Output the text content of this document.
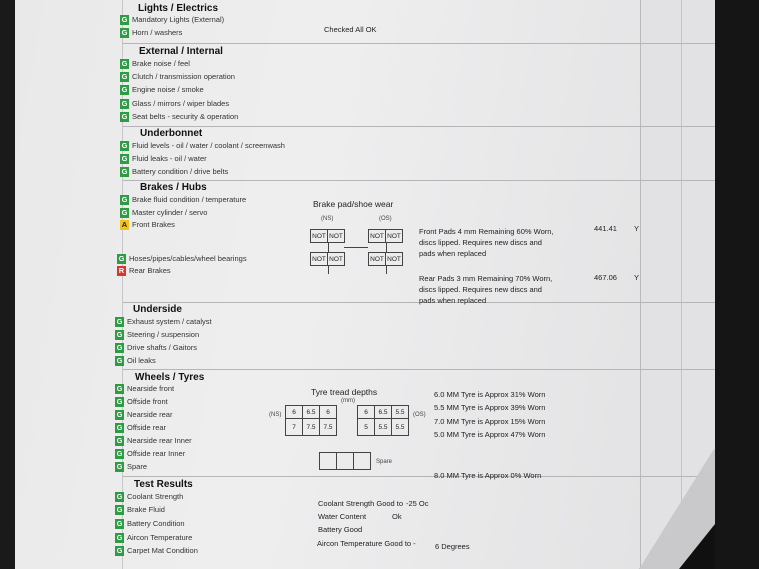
Lights / Electrics
G Mandatory Lights (External)
G Horn / washers	Checked All OK
External / Internal
G Brake noise / feel
G Clutch / transmission operation
G Engine noise / smoke
G Glass / mirrors / wiper blades
G Seat belts - security & operation
Underbonnet
G Fluid levels - oil / water / coolant / screenwash
G Fluid leaks - oil / water
G Battery condition / drive belts
Brakes / Hubs
G Brake fluid condition / temperature
G Master cylinder / servo
A Front Brakes
G Hoses/pipes/cables/wheel bearings
R Rear Brakes
Brake pad/shoe wear
(NS)	(OS)
NOT	NOT	NOT	NOT
NOT	NOT	NOT	NOT
Front Pads 4 mm Remaining 60% Worn, discs lipped. Requires new discs and pads when replaced
441.41 Y
Rear Pads 3 mm Remaining 70% Worn, discs lipped. Requires new discs and pads when replaced
467.06 Y
Underside
G Exhaust system / catalyst
G Steering / suspension
G Drive shafts / Gaitors
G Oil leaks
Wheels / Tyres
G Nearside front
G Offside front
G Nearside rear
G Offside rear
G Nearside rear Inner
G Offside rear Inner
G Spare
Tyre tread depths
(mm)
(NS)	(OS)
6	6.5	6
7	7.5	7.5
6	6.5	5.5
5	5.5	5.5

Spare
6.0 MM Tyre is Approx 31% Worn
5.5 MM Tyre is Approx 39% Worn
7.0 MM Tyre is Approx 15% Worn
5.0 MM Tyre is Approx 47% Worn
8.0 MM Tyre is Approx 0% Worn
Test Results
G Coolant Strength
G Brake Fluid
G Battery Condition
G Aircon Temperature
G Carpet Mat Condition
Coolant Strength Good to -25 Oc
Water Content	Ok
Battery Good
Aircon Temperature Good to -	6 Degrees
